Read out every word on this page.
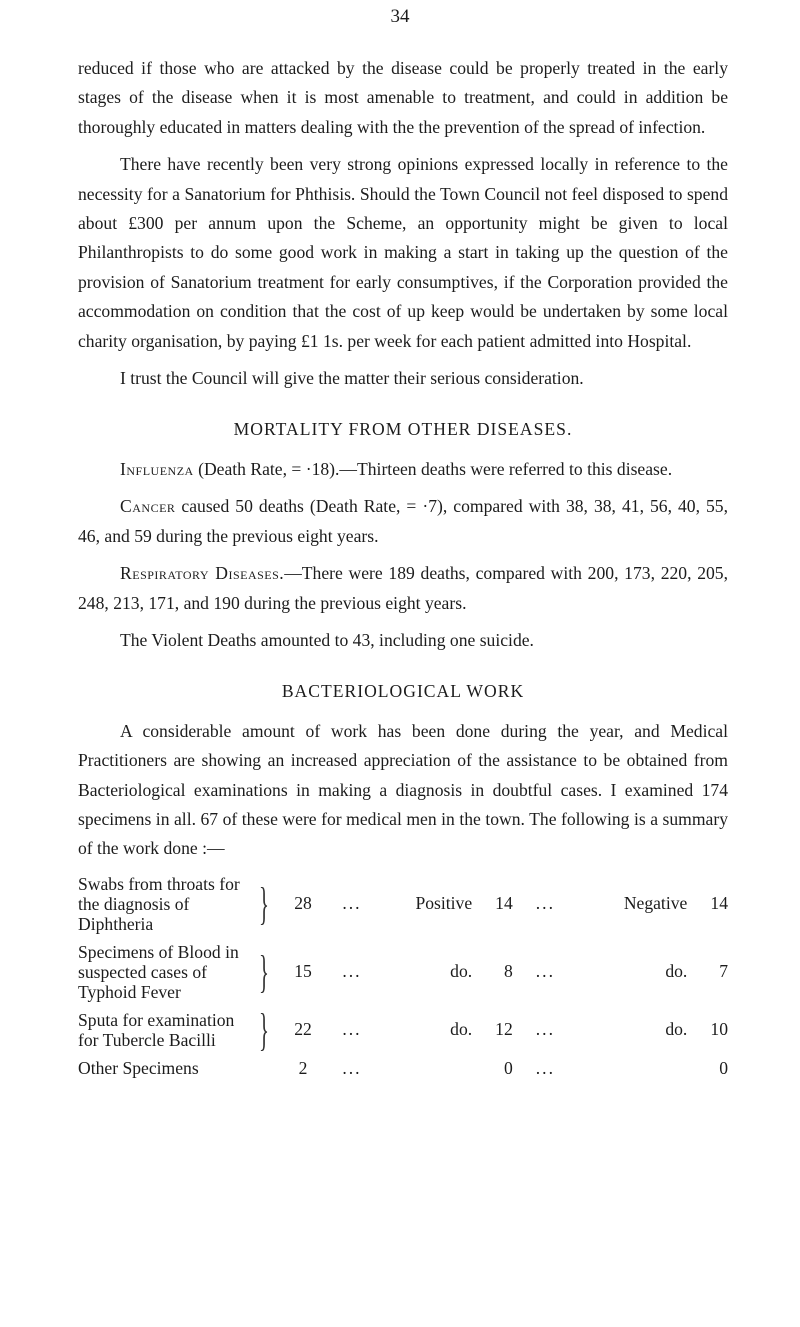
34

reduced if those who are attacked by the disease could be properly treated in the early stages of the disease when it is most amenable to treatment, and could in addition be thoroughly educated in matters dealing with the the prevention of the spread of infection.

There have recently been very strong opinions expressed locally in reference to the necessity for a Sanatorium for Phthisis. Should the Town Council not feel disposed to spend about £300 per annum upon the Scheme, an opportunity might be given to local Philanthropists to do some good work in making a start in taking up the question of the provision of Sanatorium treatment for early consumptives, if the Corporation provided the accommodation on condition that the cost of up keep would be undertaken by some local charity organisation, by paying £1 1s. per week for each patient admitted into Hospital.

I trust the Council will give the matter their serious consideration.

MORTALITY FROM OTHER DISEASES.

Influenza (Death Rate, = ·18).—Thirteen deaths were referred to this disease.

Cancer caused 50 deaths (Death Rate, = ·7), compared with 38, 38, 41, 56, 40, 55, 46, and 59 during the previous eight years.

Respiratory Diseases.—There were 189 deaths, compared with 200, 173, 220, 205, 248, 213, 171, and 190 during the previous eight years.

The Violent Deaths amounted to 43, including one suicide.

BACTERIOLOGICAL WORK

A considerable amount of work has been done during the year, and Medical Practitioners are showing an increased appreciation of the assistance to be obtained from Bacteriological examinations in making a diagnosis in doubtful cases. I examined 174 specimens in all. 67 of these were for medical men in the town. The following is a summary of the work done :—

Swabs from throats for the diagnosis of Diphtheria	}	28	...	Positive	14	...	Negative	14
Specimens of Blood in suspected cases of Typhoid Fever	}	15	...	do.	8	...	do.	7
Sputa for examination for Tubercle Bacilli	}	22	...	do.	12	...	do.	10
Other Specimens		2	...		0	...		0
